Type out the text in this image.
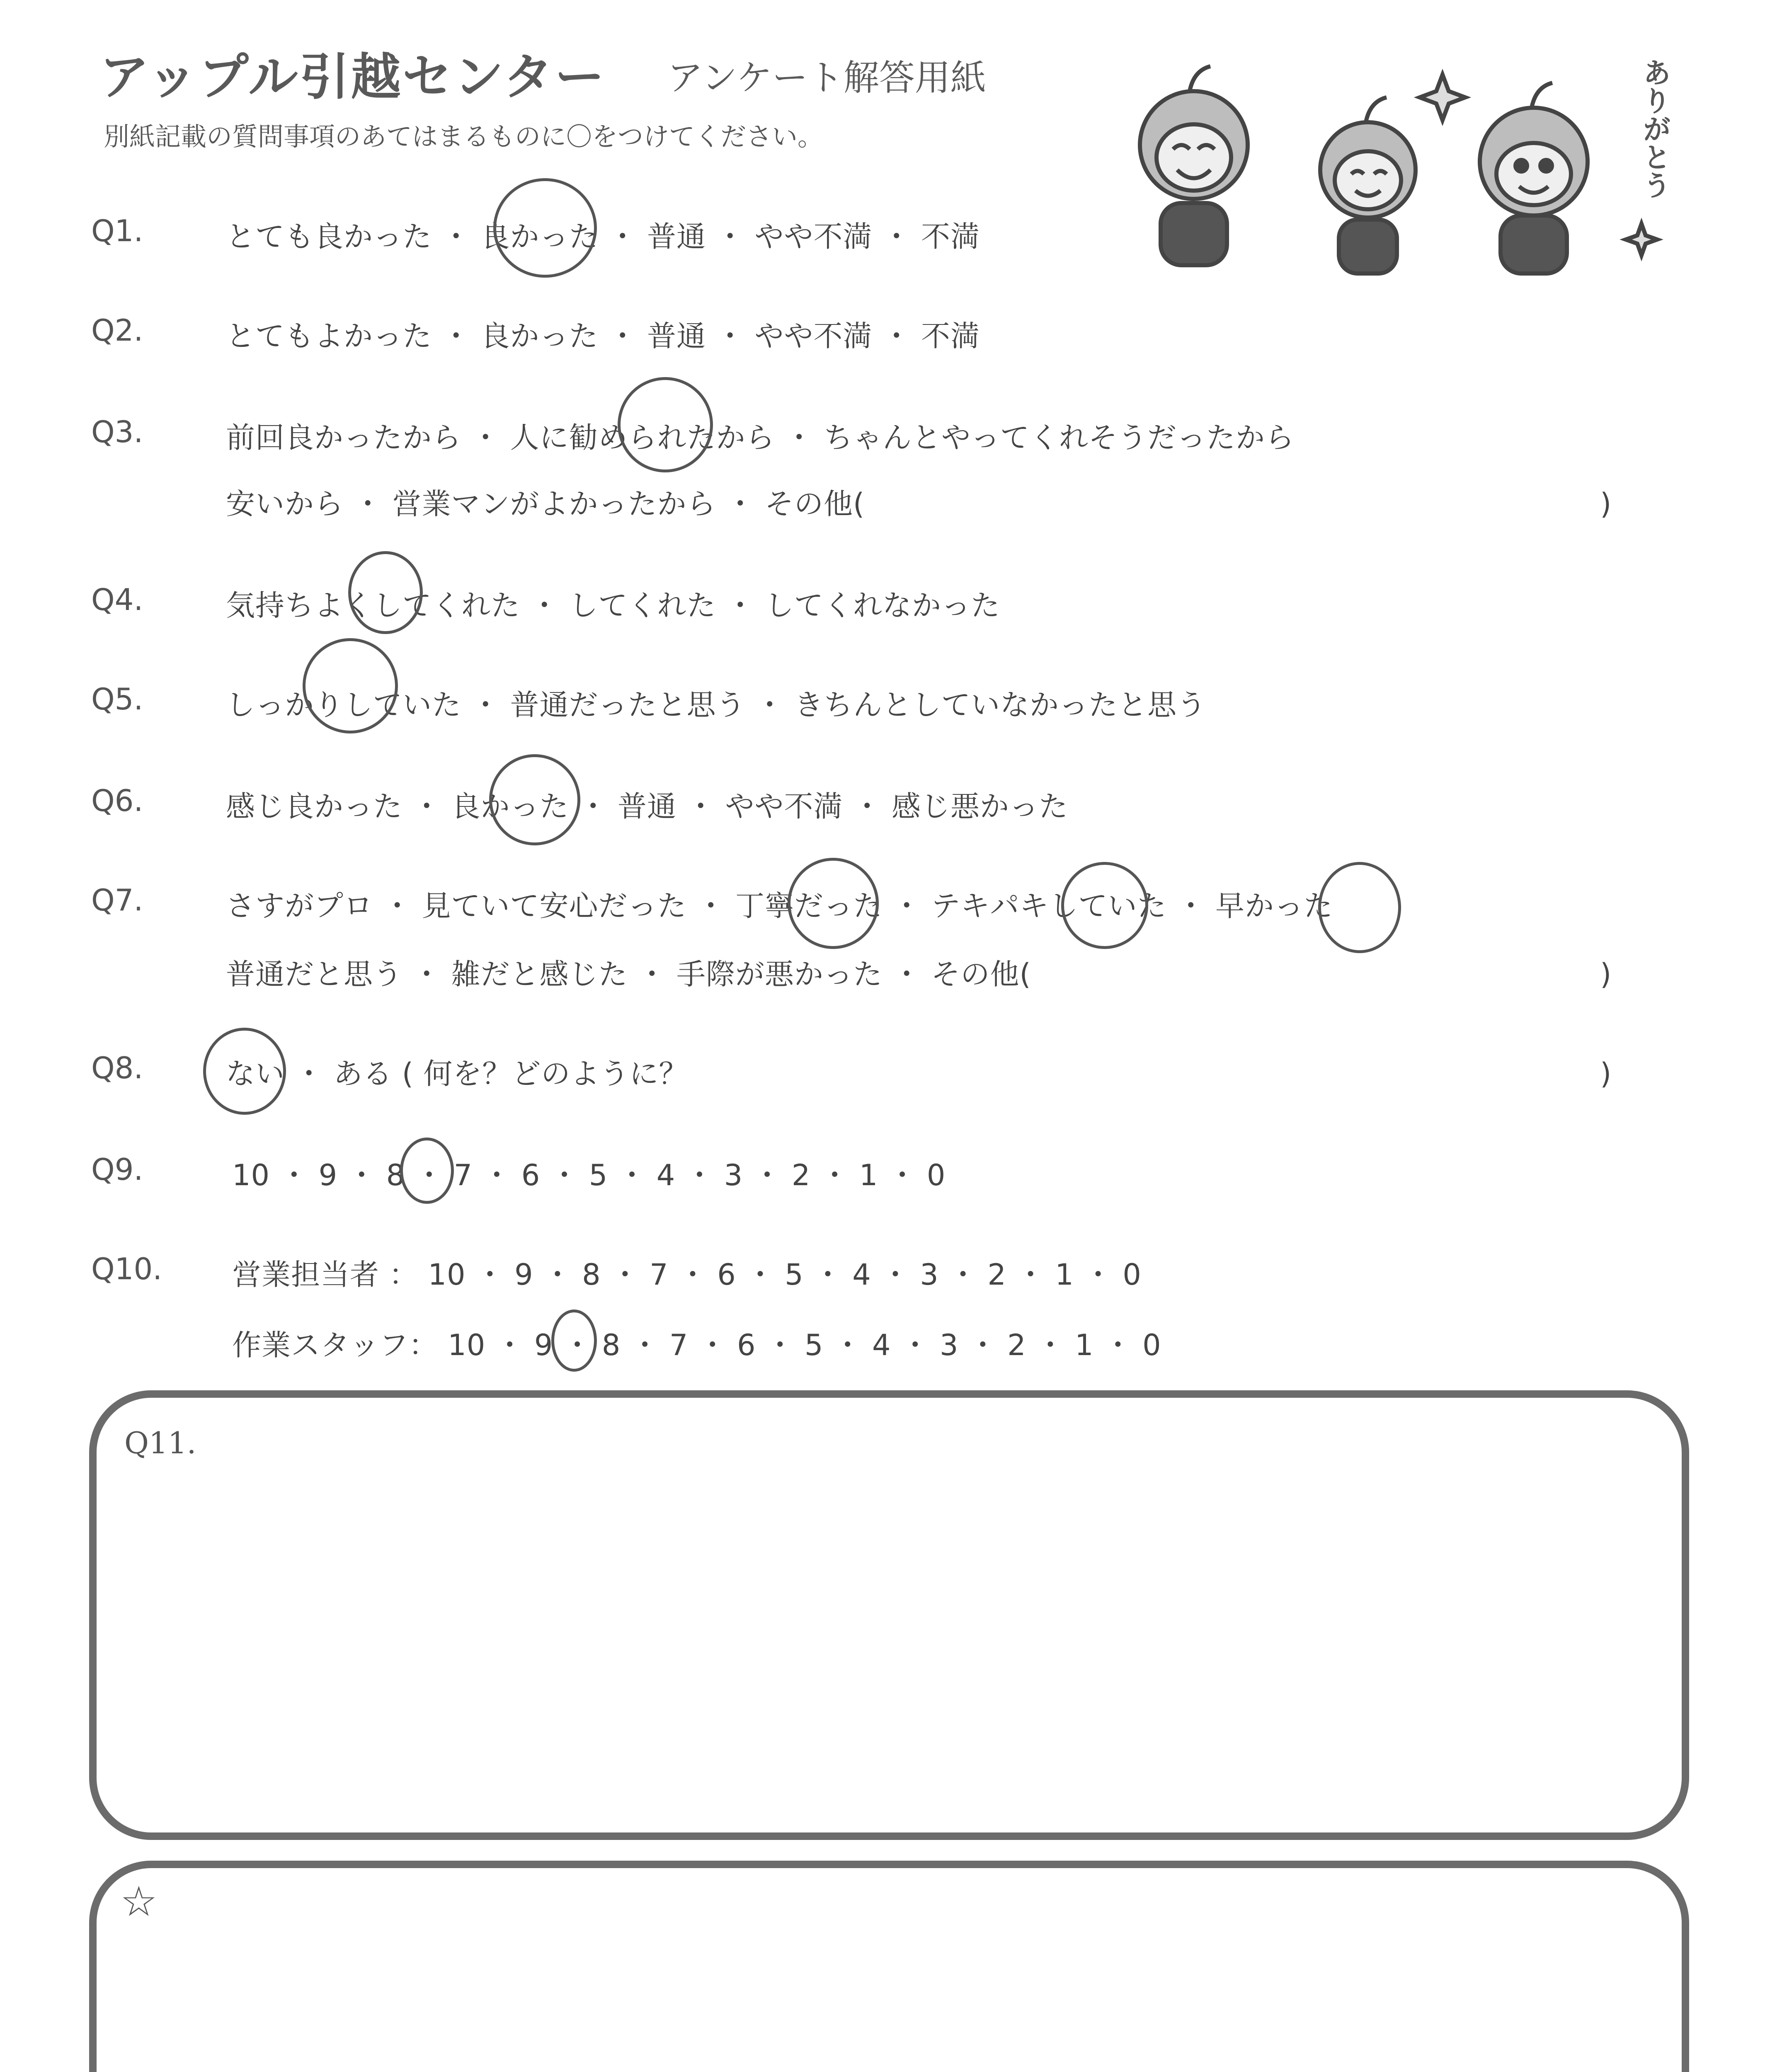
アップル引越センター アンケート解答用紙
別紙記載の質問事項のあてはまるものに〇をつけてください。	ありがとう
Q1.	とても良かった ・ 良かった ・ 普通 ・ やや不満 ・ 不満
Q2.	とてもよかった ・ 良かった ・ 普通 ・ やや不満 ・ 不満
Q3.	前回良かったから ・ 人に勧められたから ・ ちゃんとやってくれそうだったから
安いから ・ 営業マンがよかったから ・ その他(	)
Q4.	気持ちよくしてくれた ・ してくれた ・ してくれなかった
Q5.	しっかりしていた ・ 普通だったと思う ・ きちんとしていなかったと思う
Q6.	感じ良かった ・ 良かった ・ 普通 ・ やや不満 ・ 感じ悪かった
Q7.	さすがプロ ・ 見ていて安心だった ・ 丁寧だった ・ テキパキしていた ・ 早かった
普通だと思う ・ 雑だと感じた ・ 手際が悪かった ・ その他(	)
Q8.	ない ・ ある ( 何を？どのように？	)
Q9.	10 ・ 9 ・ 8 ・ 7 ・ 6 ・ 5 ・ 4 ・ 3 ・ 2 ・ 1 ・ 0
Q10. 営業担当者 ： 10 ・ 9 ・ 8 ・ 7 ・ 6 ・ 5 ・ 4 ・ 3 ・ 2 ・ 1 ・ 0
作業スタッフ： 10 ・ 9 ・ 8 ・ 7 ・ 6 ・ 5 ・ 4 ・ 3 ・ 2 ・ 1 ・ 0
Q11.
☆
